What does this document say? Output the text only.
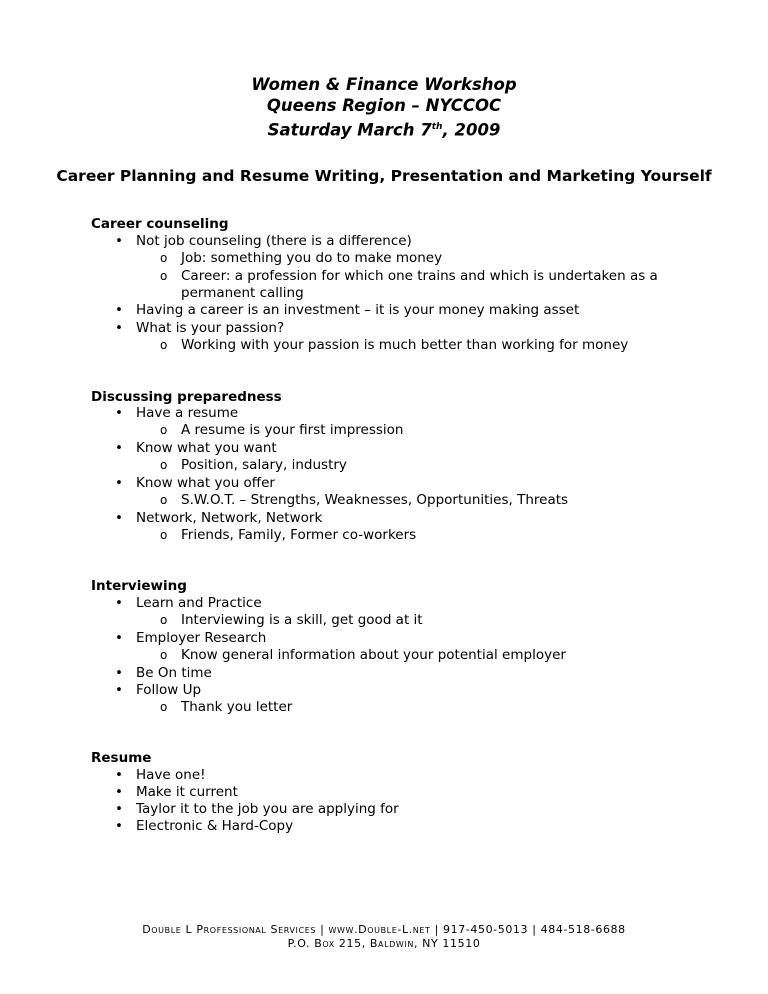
Women & Finance Workshop
Queens Region – NYCCOC
Saturday March 7th, 2009
Career Planning and Resume Writing, Presentation and Marketing Yourself
Career counseling
• Not job counseling (there is a difference)
o Job: something you do to make money
o Career: a profession for which one trains and which is undertaken as a
permanent calling
• Having a career is an investment – it is your money making asset
• What is your passion?
o Working with your passion is much better than working for money
Discussing preparedness
• Have a resume
o A resume is your first impression
• Know what you want
o Position, salary, industry
• Know what you offer
o S.W.O.T. – Strengths, Weaknesses, Opportunities, Threats
• Network, Network, Network
o Friends, Family, Former co-workers
Interviewing
• Learn and Practice
o Interviewing is a skill, get good at it
• Employer Research
o Know general information about your potential employer
• Be On time
• Follow Up
o Thank you letter
Resume
• Have one!
• Make it current
• Taylor it to the job you are applying for
• Electronic & Hard-Copy
Double L Professional Services | www.Double-L.net | 917-450-5013 | 484-518-6688
P.O. Box 215, Baldwin, NY 11510
